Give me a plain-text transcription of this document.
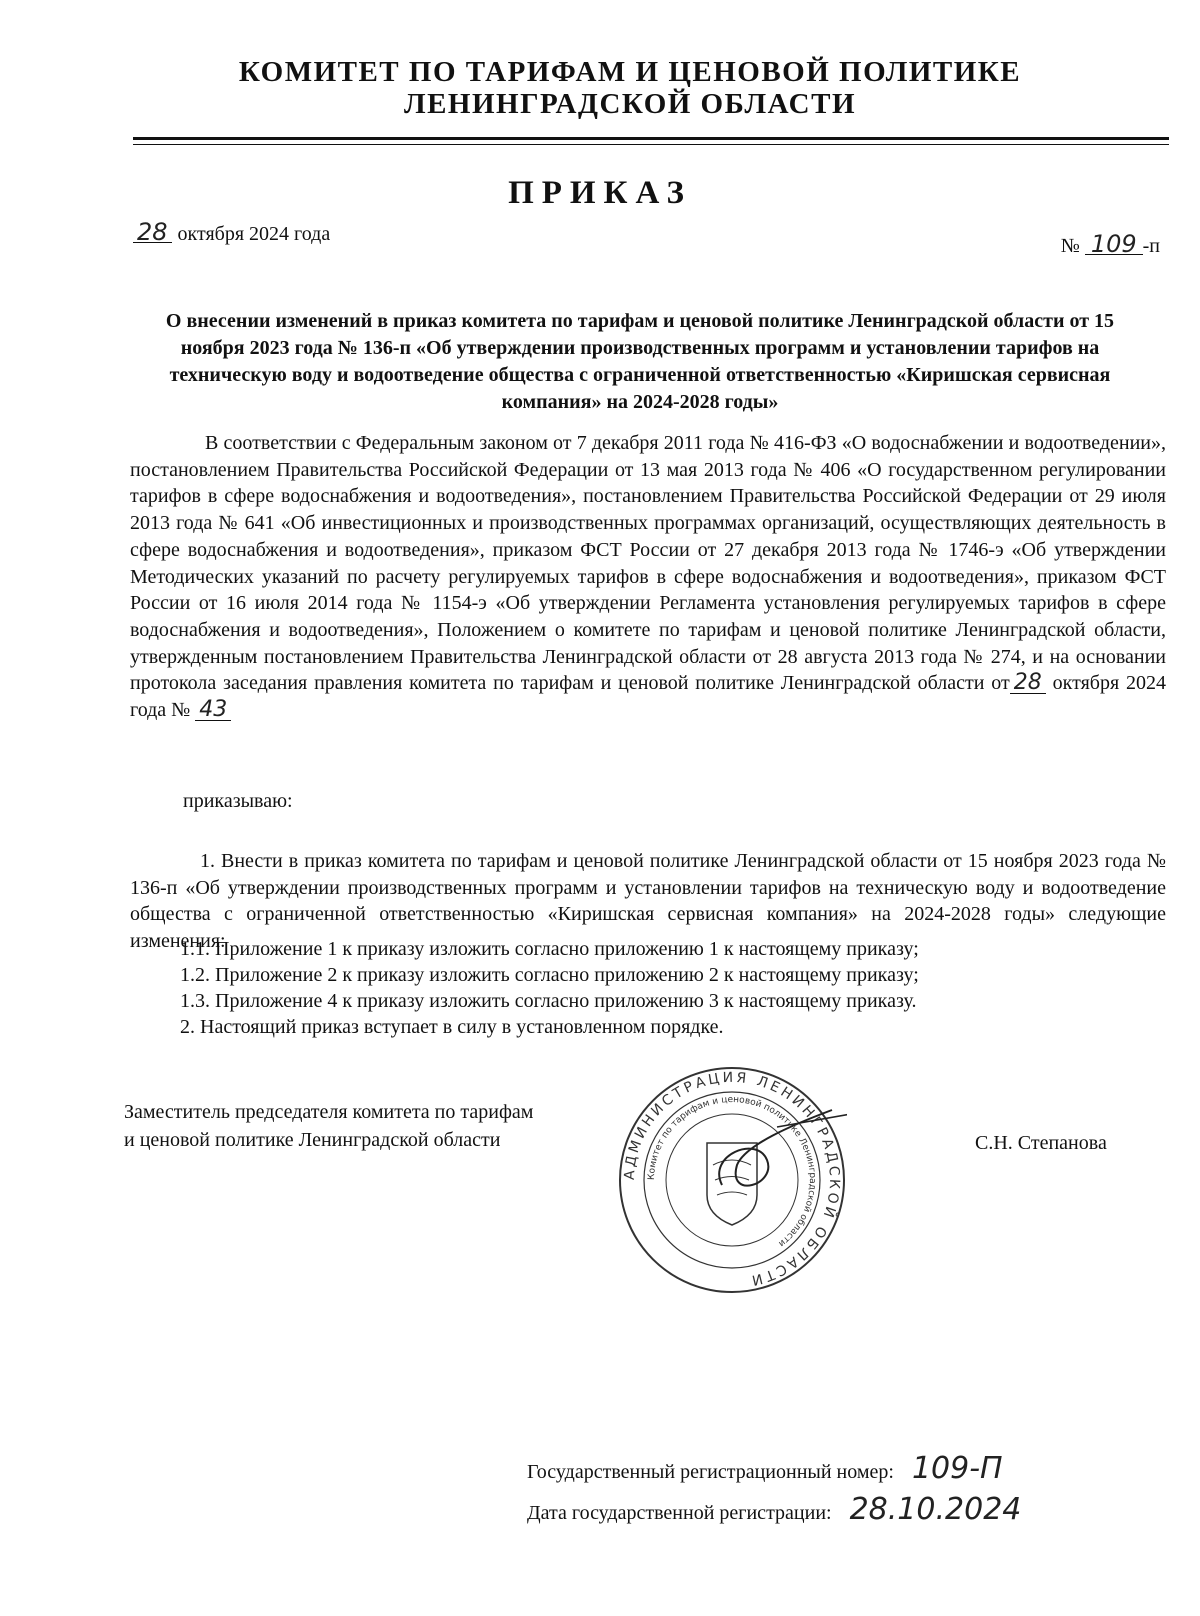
КОМИТЕТ ПО ТАРИФАМ И ЦЕНОВОЙ ПОЛИТИКЕ
ЛЕНИНГРАДСКОЙ ОБЛАСТИ
ПРИКАЗ
28 октября 2024 года
№ 109 -п
О внесении изменений в приказ комитета по тарифам и ценовой политике Ленинградской области от 15 ноября 2023 года № 136-п «Об утверждении производственных программ и установлении тарифов на техническую воду и водоотведение общества с ограниченной ответственностью «Киришская сервисная компания» на 2024-2028 годы»
В соответствии с Федеральным законом от 7 декабря 2011 года № 416-ФЗ «О водоснабжении и водоотведении», постановлением Правительства Российской Федерации от 13 мая 2013 года № 406 «О государственном регулировании тарифов в сфере водоснабжения и водоотведения», постановлением Правительства Российской Федерации от 29 июля 2013 года № 641 «Об инвестиционных и производственных программах организаций, осуществляющих деятельность в сфере водоснабжения и водоотведения», приказом ФСТ России от 27 декабря 2013 года № 1746-э «Об утверждении Методических указаний по расчету регулируемых тарифов в сфере водоснабжения и водоотведения», приказом ФСТ России от 16 июля 2014 года № 1154-э «Об утверждении Регламента установления регулируемых тарифов в сфере водоснабжения и водоотведения», Положением о комитете по тарифам и ценовой политике Ленинградской области, утвержденным постановлением Правительства Ленинградской области от 28 августа 2013 года № 274, и на основании протокола заседания правления комитета по тарифам и ценовой политике Ленинградской области от 28 октября 2024 года № 43
приказываю:
1. Внести в приказ комитета по тарифам и ценовой политике Ленинградской области от 15 ноября 2023 года № 136-п «Об утверждении производственных программ и установлении тарифов на техническую воду и водоотведение общества с ограниченной ответственностью «Киришская сервисная компания» на 2024-2028 годы» следующие изменения:
1.1. Приложение 1 к приказу изложить согласно приложению 1 к настоящему приказу;
1.2. Приложение 2 к приказу изложить согласно приложению 2 к настоящему приказу;
1.3. Приложение 4 к приказу изложить согласно приложению 3 к настоящему приказу.
2. Настоящий приказ вступает в силу в установленном порядке.
Заместитель председателя комитета по тарифам
и ценовой политике Ленинградской области
АДМИНИСТРАЦИЯ ЛЕНИНГРАДСКОЙ ОБЛАСТИ
Комитет по тарифам и ценовой политике Ленинградской области
С.Н. Степанова
Государственный регистрационный номер: 109-П
Дата государственной регистрации: 28.10.2024
